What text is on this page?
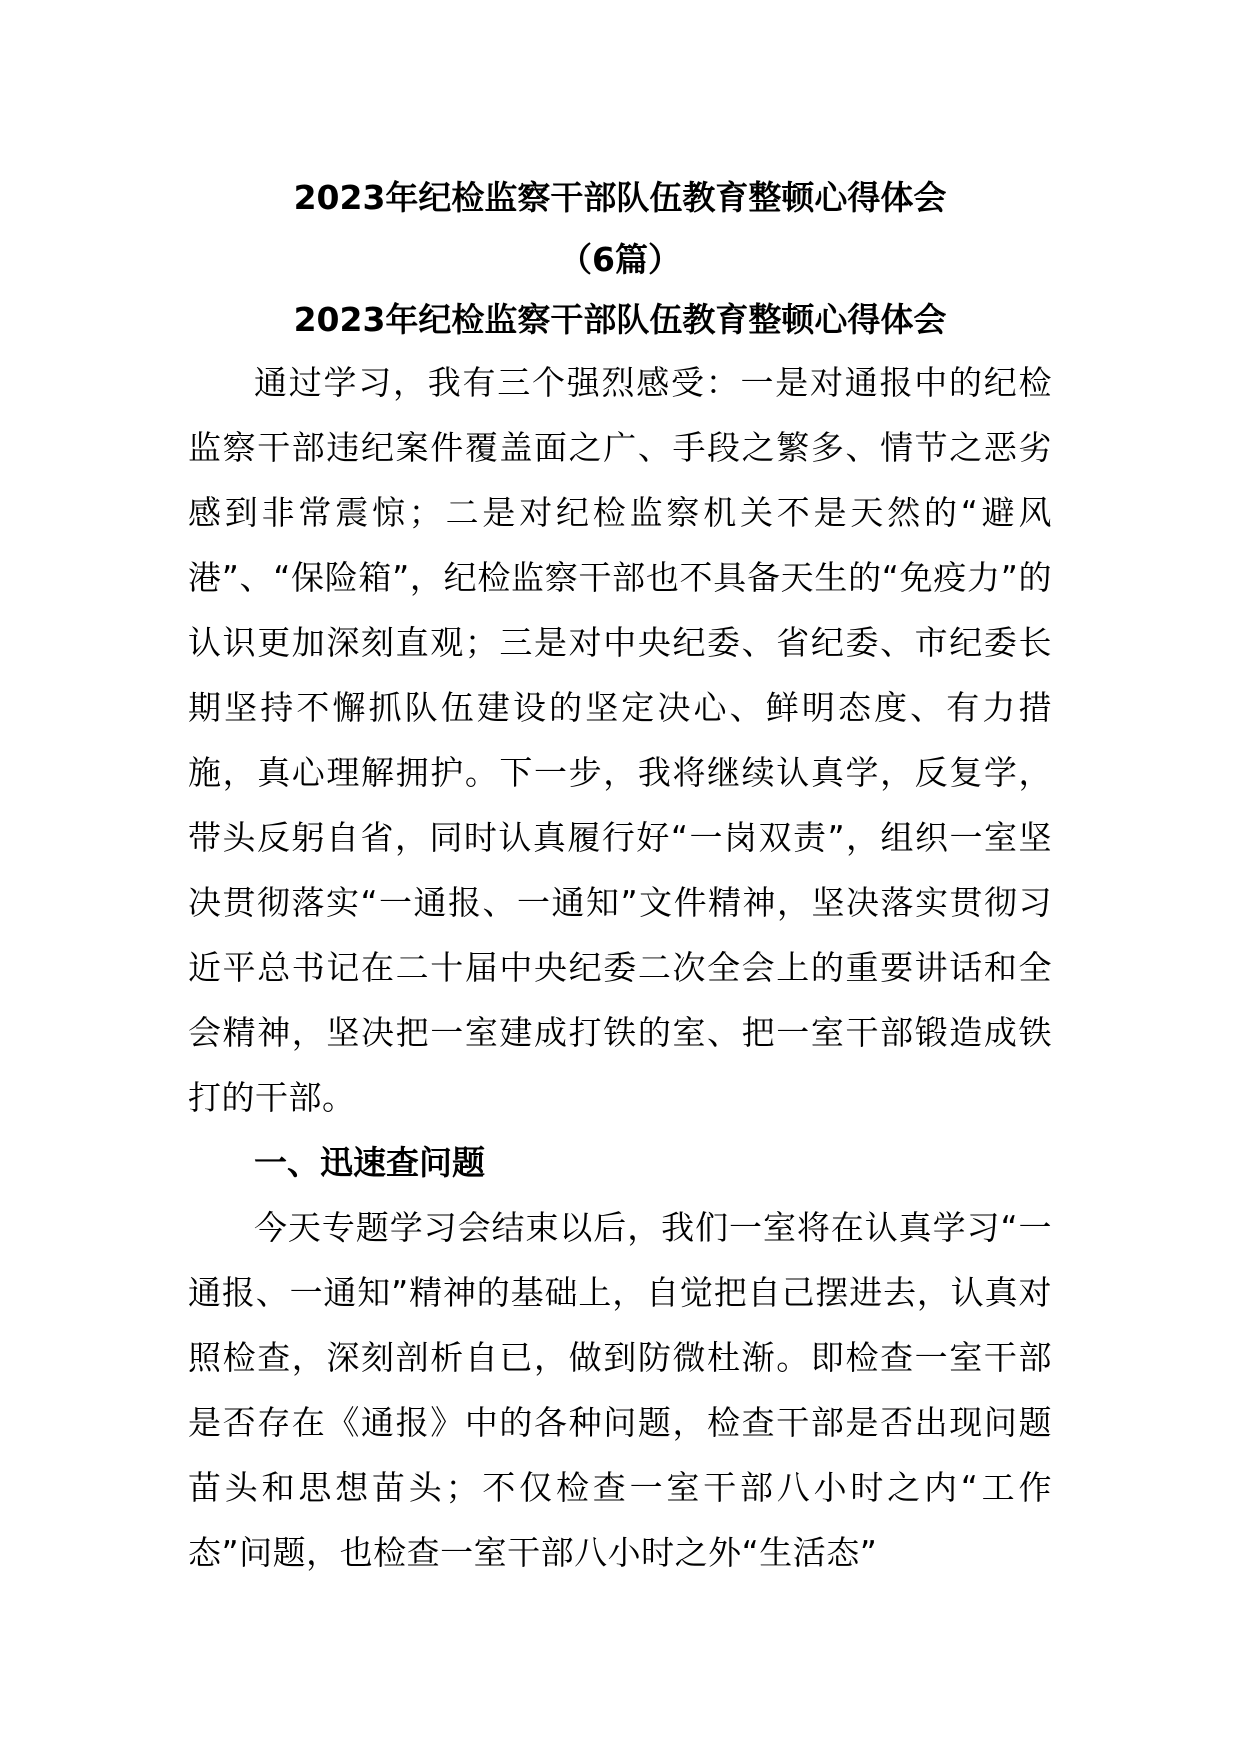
2023年纪检监察干部队伍教育整顿心得体会
（6篇）
2023年纪检监察干部队伍教育整顿心得体会

通过学习，我有三个强烈感受：一是对通报中的纪检监察干部违纪案件覆盖面之广、手段之繁多、情节之恶劣感到非常震惊；二是对纪检监察机关不是天然的“避风港”、“保险箱”，纪检监察干部也不具备天生的“免疫力”的认识更加深刻直观；三是对中央纪委、省纪委、市纪委长期坚持不懈抓队伍建设的坚定决心、鲜明态度、有力措施，真心理解拥护。下一步，我将继续认真学，反复学，带头反躬自省，同时认真履行好“一岗双责”，组织一室坚决贯彻落实“一通报、一通知”文件精神，坚决落实贯彻习近平总书记在二十届中央纪委二次全会上的重要讲话和全会精神，坚决把一室建成打铁的室、把一室干部锻造成铁打的干部。

一、迅速查问题

今天专题学习会结束以后，我们一室将在认真学习“一通报、一通知”精神的基础上，自觉把自己摆进去，认真对照检查，深刻剖析自已，做到防微杜渐。即检查一室干部是否存在《通报》中的各种问题，检查干部是否出现问题苗头和思想苗头；不仅检查一室干部八小时之内“工作态”问题，也检查一室干部八小时之外“生活态”
